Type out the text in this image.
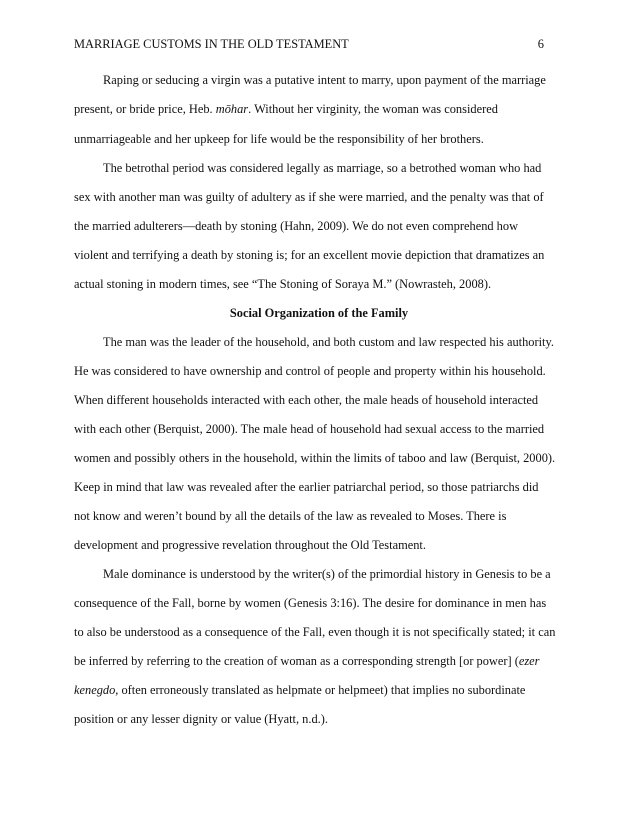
MARRIAGE CUSTOMS IN THE OLD TESTAMENT	6
Raping or seducing a virgin was a putative intent to marry, upon payment of the marriage
present, or bride price, Heb. mōhar. Without her virginity, the woman was considered
unmarriageable and her upkeep for life would be the responsibility of her brothers.
The betrothal period was considered legally as marriage, so a betrothed woman who had
sex with another man was guilty of adultery as if she were married, and the penalty was that of
the married adulterers—death by stoning (Hahn, 2009). We do not even comprehend how
violent and terrifying a death by stoning is; for an excellent movie depiction that dramatizes an
actual stoning in modern times, see “The Stoning of Soraya M.” (Nowrasteh, 2008).
Social Organization of the Family
The man was the leader of the household, and both custom and law respected his authority.
He was considered to have ownership and control of people and property within his household.
When different households interacted with each other, the male heads of household interacted
with each other (Berquist, 2000). The male head of household had sexual access to the married
women and possibly others in the household, within the limits of taboo and law (Berquist, 2000).
Keep in mind that law was revealed after the earlier patriarchal period, so those patriarchs did
not know and weren’t bound by all the details of the law as revealed to Moses. There is
development and progressive revelation throughout the Old Testament.
Male dominance is understood by the writer(s) of the primordial history in Genesis to be a
consequence of the Fall, borne by women (Genesis 3:16). The desire for dominance in men has
to also be understood as a consequence of the Fall, even though it is not specifically stated; it can
be inferred by referring to the creation of woman as a corresponding strength [or power] (ezer
kenegdo, often erroneously translated as helpmate or helpmeet) that implies no subordinate
position or any lesser dignity or value (Hyatt, n.d.).
